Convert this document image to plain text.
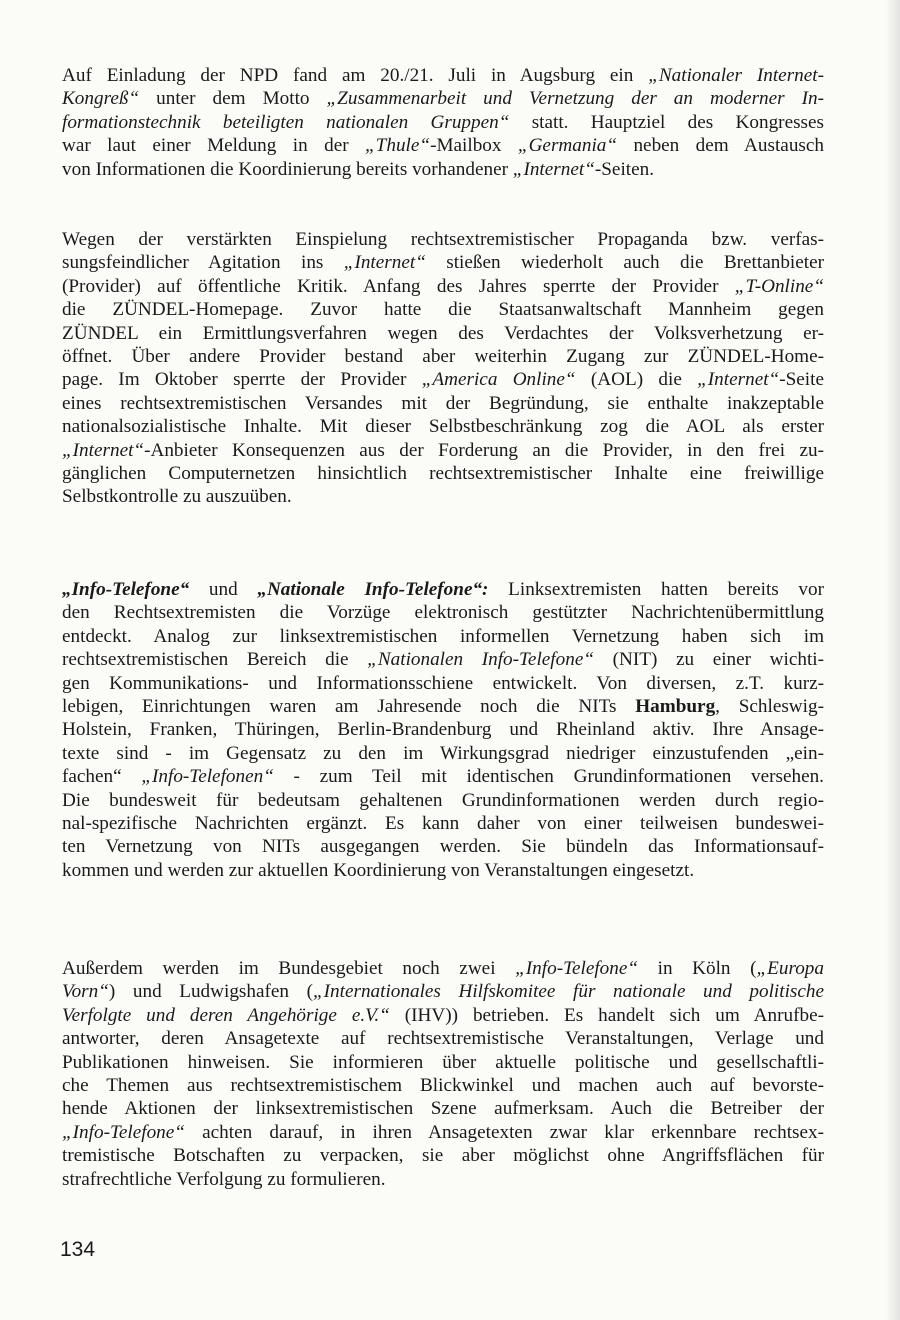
Auf Einladung der NPD fand am 20./21. Juli in Augsburg ein „Nationaler Internet-
Kongreß“ unter dem Motto „Zusammenarbeit und Vernetzung der an moderner In-
formationstechnik beteiligten nationalen Gruppen“ statt. Hauptziel des Kongresses
war laut einer Meldung in der „Thule“-Mailbox „Germania“ neben dem Austausch
von Informationen die Koordinierung bereits vorhandener „Internet“-Seiten.
Wegen der verstärkten Einspielung rechtsextremistischer Propaganda bzw. verfas-
sungsfeindlicher Agitation ins „Internet“ stießen wiederholt auch die Brettanbieter
(Provider) auf öffentliche Kritik. Anfang des Jahres sperrte der Provider „T-Online“
die ZÜNDEL-Homepage. Zuvor hatte die Staatsanwaltschaft Mannheim gegen
ZÜNDEL ein Ermittlungsverfahren wegen des Verdachtes der Volksverhetzung er-
öffnet. Über andere Provider bestand aber weiterhin Zugang zur ZÜNDEL-Home-
page. Im Oktober sperrte der Provider „America Online“ (AOL) die „Internet“-Seite
eines rechtsextremistischen Versandes mit der Begründung, sie enthalte inakzeptable
nationalsozialistische Inhalte. Mit dieser Selbstbeschränkung zog die AOL als erster
„Internet“-Anbieter Konsequenzen aus der Forderung an die Provider, in den frei zu-
gänglichen Computernetzen hinsichtlich rechtsextremistischer Inhalte eine freiwillige
Selbstkontrolle zu auszuüben.
„Info-Telefone“ und „Nationale Info-Telefone“: Linksextremisten hatten bereits vor
den Rechtsextremisten die Vorzüge elektronisch gestützter Nachrichtenübermittlung
entdeckt. Analog zur linksextremistischen informellen Vernetzung haben sich im
rechtsextremistischen Bereich die „Nationalen Info-Telefone“ (NIT) zu einer wichti-
gen Kommunikations- und Informationsschiene entwickelt. Von diversen, z.T. kurz-
lebigen, Einrichtungen waren am Jahresende noch die NITs Hamburg, Schleswig-
Holstein, Franken, Thüringen, Berlin-Brandenburg und Rheinland aktiv. Ihre Ansage-
texte sind - im Gegensatz zu den im Wirkungsgrad niedriger einzustufenden „ein-
fachen“ „Info-Telefonen“ - zum Teil mit identischen Grundinformationen versehen.
Die bundesweit für bedeutsam gehaltenen Grundinformationen werden durch regio-
nal-spezifische Nachrichten ergänzt. Es kann daher von einer teilweisen bundeswei-
ten Vernetzung von NITs ausgegangen werden. Sie bündeln das Informationsauf-
kommen und werden zur aktuellen Koordinierung von Veranstaltungen eingesetzt.
Außerdem werden im Bundesgebiet noch zwei „Info-Telefone“ in Köln („Europa
Vorn“) und Ludwigshafen („Internationales Hilfskomitee für nationale und politische
Verfolgte und deren Angehörige e.V.“ (IHV)) betrieben. Es handelt sich um Anrufbe-
antworter, deren Ansagetexte auf rechtsextremistische Veranstaltungen, Verlage und
Publikationen hinweisen. Sie informieren über aktuelle politische und gesellschaftli-
che Themen aus rechtsextremistischem Blickwinkel und machen auch auf bevorste-
hende Aktionen der linksextremistischen Szene aufmerksam. Auch die Betreiber der
„Info-Telefone“ achten darauf, in ihren Ansagetexten zwar klar erkennbare rechtsex-
tremistische Botschaften zu verpacken, sie aber möglichst ohne Angriffsflächen für
strafrechtliche Verfolgung zu formulieren.
134
